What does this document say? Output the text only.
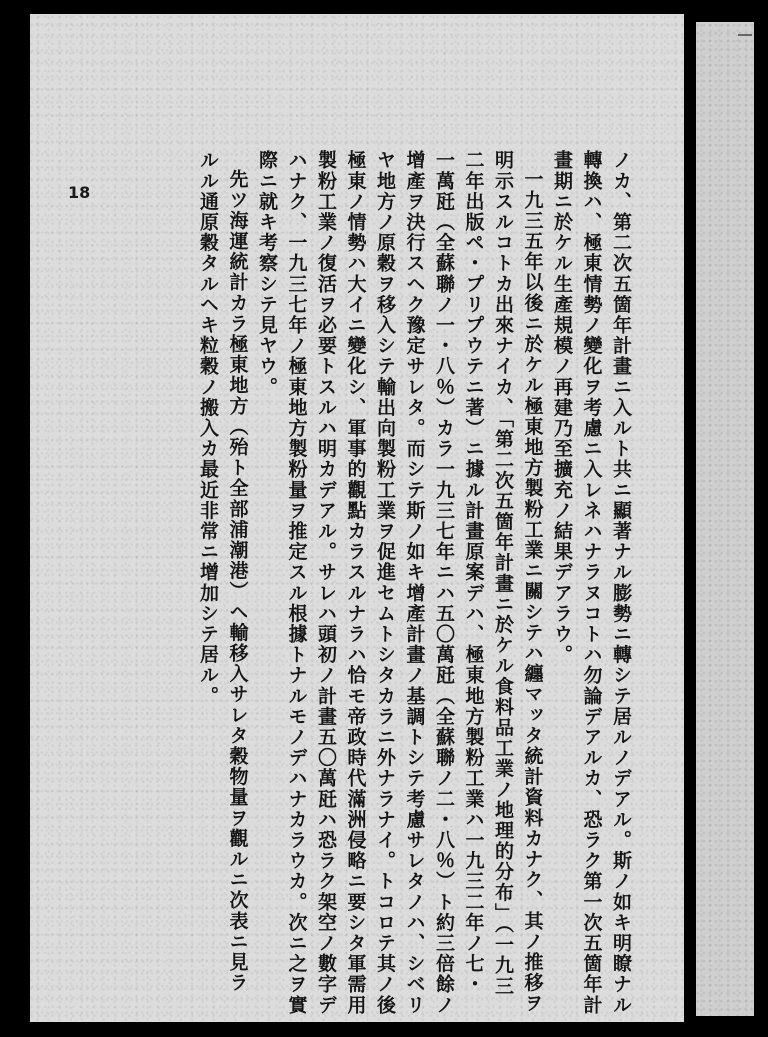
18	ノカ、第二次五箇年計畫ニ入ルト共ニ顯著ナル膨勢ニ轉シテ居ルノデアル。斯ノ如キ明瞭ナル
轉換ハ、極東情勢ノ變化ヲ考慮ニ入レネハナラヌコトハ勿論デアルカ、恐ラク第一次五箇年計
畫期ニ於ケル生產規模ノ再建乃至擴充ノ結果デアラウ。
一九三五年以後ニ於ケル極東地方製粉工業ニ關シテハ纏マッタ統計資料カナク、其ノ推移ヲ
明示スルコトカ出來ナイカ、「第二次五箇年計畫ニ於ケル食料品工業ノ地理的分布」（一九三
二年出版ペ・プリプウテニ著）ニ據ル計畫原案デハ、極東地方製粉工業ハ一九三二年ノ七・
一萬瓩（全蘇聯ノ一・八％）カラ一九三七年ニハ五〇萬瓩（全蘇聯ノ二・八％）ト約三倍餘ノ
增產ヲ決行スヘク豫定サレタ。而シテ斯ノ如キ增產計畫ノ基調トシテ考慮サレタノハ、シベリ
ヤ地方ノ原穀ヲ移入シテ輸出向製粉工業ヲ促進セムトシタカラニ外ナラナイ。トコロテ其ノ後
極東ノ情勢ハ大イニ變化シ、軍事的觀點カラスルナラハ恰モ帝政時代滿洲侵略ニ要シタ軍需用
製粉工業ノ復活ヲ必要トスルハ明カデアル。サレハ頭初ノ計畫五〇萬瓩ハ恐ラク架空ノ數字デ
ハナク、一九三七年ノ極東地方製粉量ヲ推定スル根據トナルモノデハナカラウカ。次ニ之ヲ實
際ニ就キ考察シテ見ヤウ。
先ツ海運統計カラ極東地方（殆ト全部浦潮港）ヘ輸移入サレタ穀物量ヲ觀ルニ次表ニ見ラ
ルル通原穀タルヘキ粒穀ノ搬入カ最近非常ニ增加シテ居ル。
